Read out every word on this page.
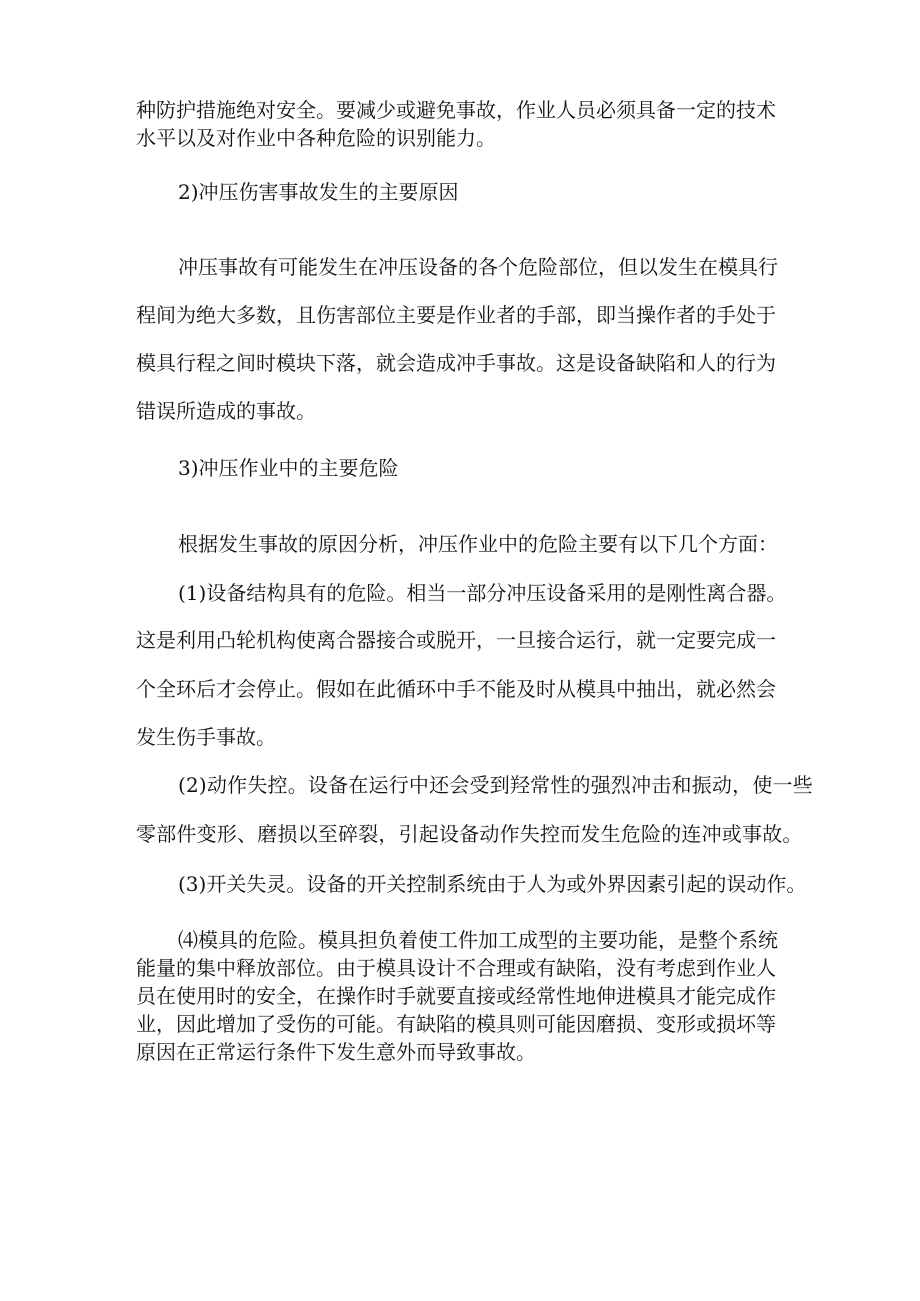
种防护措施绝对安全。要减少或避免事故，作业人员必须具备一定的技术
水平以及对作业中各种危险的识别能力。
2)冲压伤害事故发生的主要原因
冲压事故有可能发生在冲压设备的各个危险部位，但以发生在模具行
程间为绝大多数，且伤害部位主要是作业者的手部，即当操作者的手处于
模具行程之间时模块下落，就会造成冲手事故。这是设备缺陷和人的行为
错误所造成的事故。
3)冲压作业中的主要危险
根据发生事故的原因分析，冲压作业中的危险主要有以下几个方面：
(1)设备结构具有的危险。相当一部分冲压设备采用的是刚性离合器。
这是利用凸轮机构使离合器接合或脱开，一旦接合运行，就一定要完成一
个全环后才会停止。假如在此循环中手不能及时从模具中抽出，就必然会
发生伤手事故。
(2)动作失控。设备在运行中还会受到羟常性的强烈冲击和振动，使一些
零部件变形、磨损以至碎裂，引起设备动作失控而发生危险的连冲或事故。
(3)开关失灵。设备的开关控制系统由于人为或外界因素引起的误动作。
⑷模具的危险。模具担负着使工件加工成型的主要功能，是整个系统
能量的集中释放部位。由于模具设计不合理或有缺陷，没有考虑到作业人
员在使用时的安全，在操作时手就要直接或经常性地伸进模具才能完成作
业，因此增加了受伤的可能。有缺陷的模具则可能因磨损、变形或损坏等
原因在正常运行条件下发生意外而导致事故。
